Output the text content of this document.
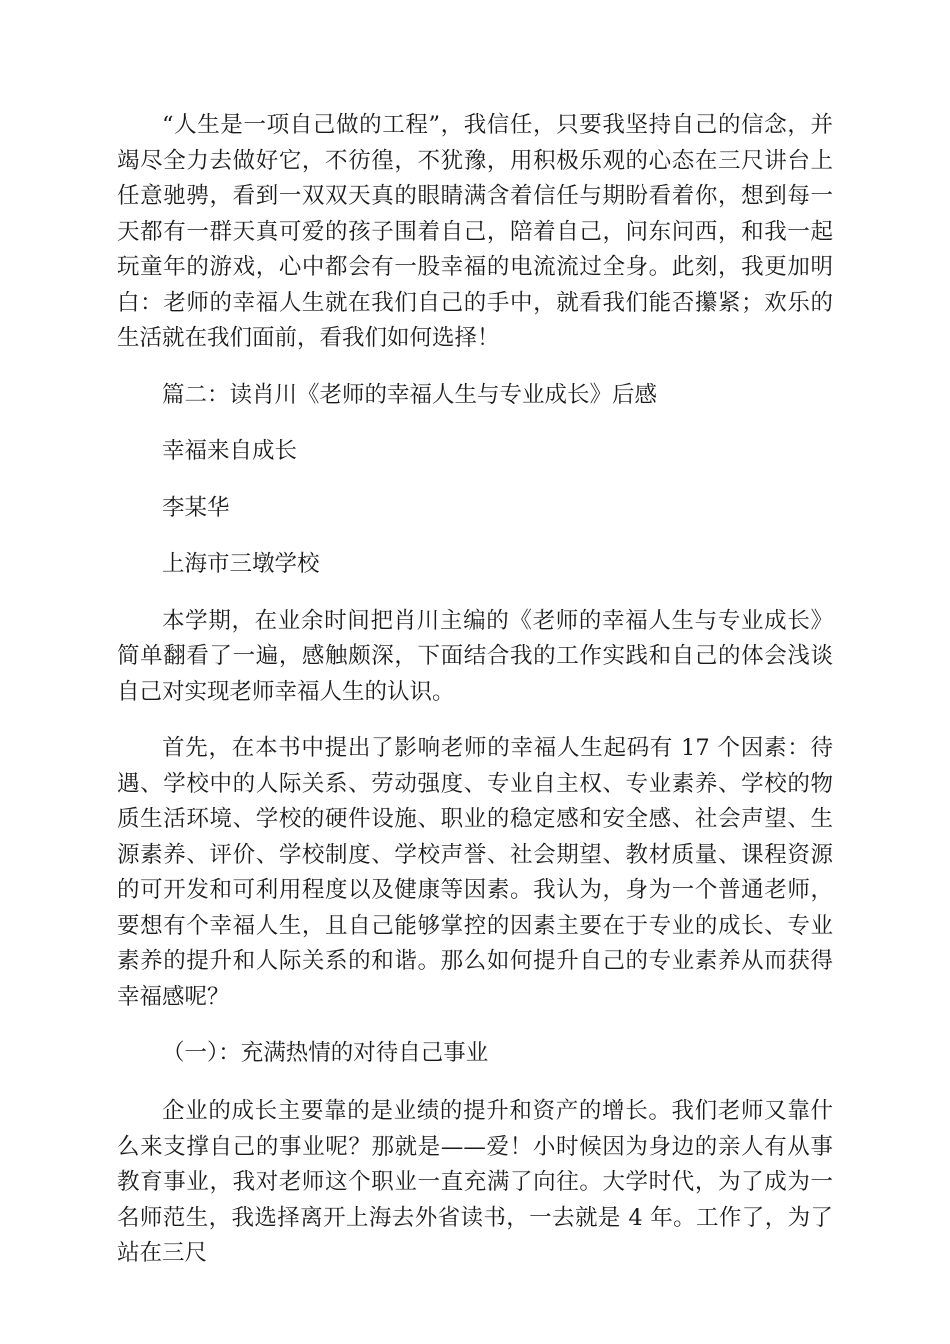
“人生是一项自己做的工程”，我信任，只要我坚持自己的信念，并竭尽全力去做好它，不彷徨，不犹豫，用积极乐观的心态在三尺讲台上任意驰骋，看到一双双天真的眼睛满含着信任与期盼看着你，想到每一天都有一群天真可爱的孩子围着自己，陪着自己，问东问西，和我一起玩童年的游戏，心中都会有一股幸福的电流流过全身。此刻，我更加明白：老师的幸福人生就在我们自己的手中，就看我们能否攥紧；欢乐的生活就在我们面前，看我们如何选择！

篇二：读肖川《老师的幸福人生与专业成长》后感

幸福来自成长

李某华

上海市三墩学校

本学期，在业余时间把肖川主编的《老师的幸福人生与专业成长》简单翻看了一遍，感触颇深，下面结合我的工作实践和自己的体会浅谈自己对实现老师幸福人生的认识。

首先，在本书中提出了影响老师的幸福人生起码有 17 个因素：待遇、学校中的人际关系、劳动强度、专业自主权、专业素养、学校的物质生活环境、学校的硬件设施、职业的稳定感和安全感、社会声望、生源素养、评价、学校制度、学校声誉、社会期望、教材质量、课程资源的可开发和可利用程度以及健康等因素。我认为，身为一个普通老师，要想有个幸福人生，且自己能够掌控的因素主要在于专业的成长、专业素养的提升和人际关系的和谐。那么如何提升自己的专业素养从而获得幸福感呢？

（一）：充满热情的对待自己事业

企业的成长主要靠的是业绩的提升和资产的增长。我们老师又靠什么来支撑自己的事业呢？那就是——爱！小时候因为身边的亲人有从事教育事业，我对老师这个职业一直充满了向往。大学时代，为了成为一名师范生，我选择离开上海去外省读书，一去就是 4 年。工作了，为了站在三尺
